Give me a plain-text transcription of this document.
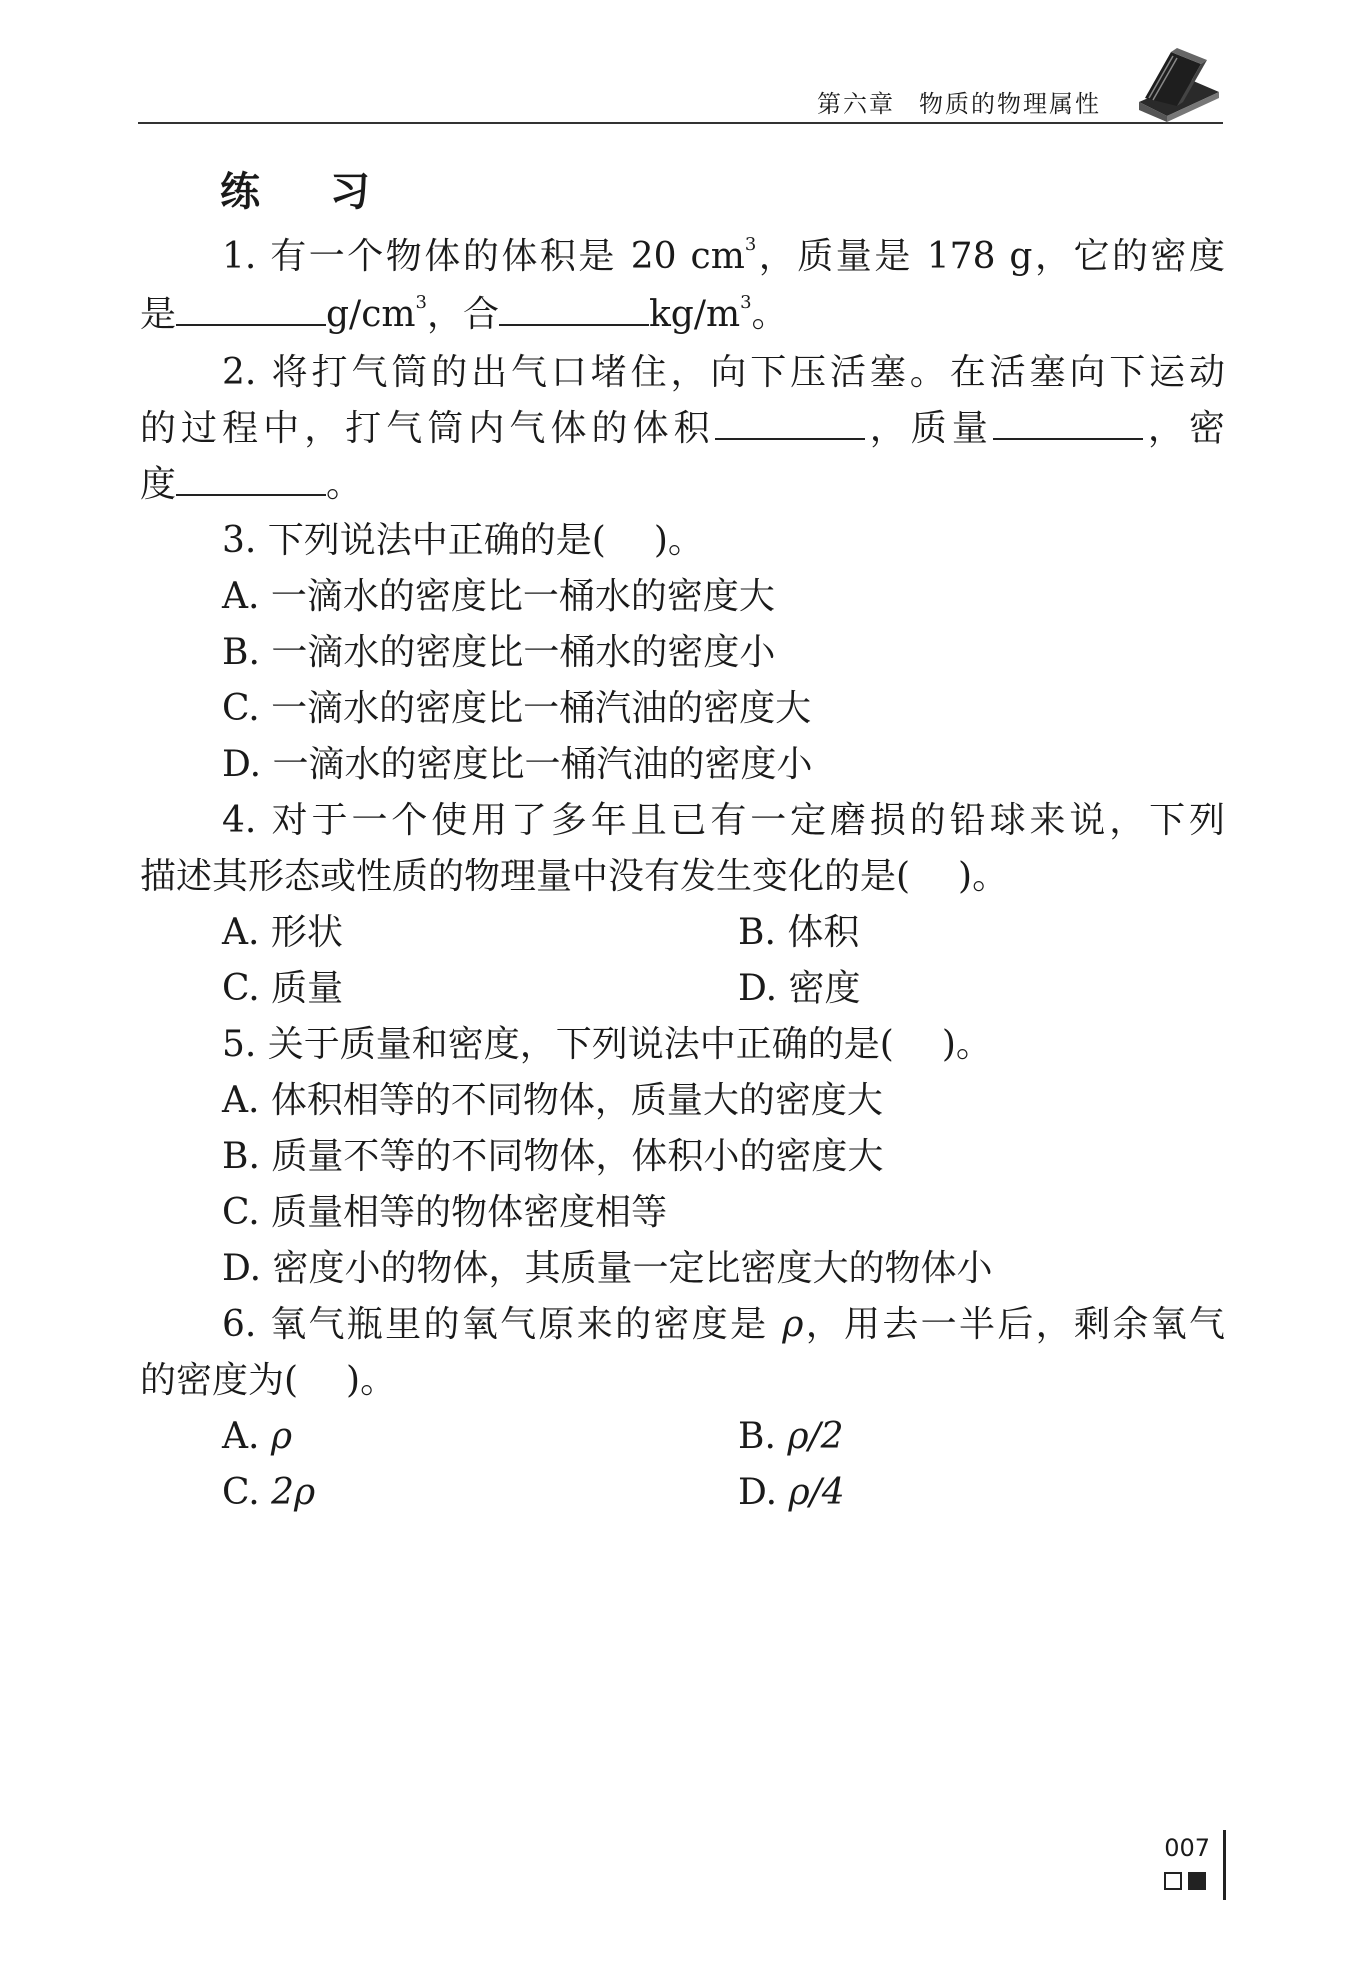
第六章 物质的物理属性
练 习
1. 有一个物体的体积是 20 $cm^3$，质量是 178 g，它的密度
是	$g/cm^3$，合	$kg/m^3$。
2. 将打气筒的出气口堵住，向下压活塞。在活塞向下运动
的过程中，打气筒内气体的体积	，质量	，密
度	。
3. 下列说法中正确的是( )。
A. 一滴水的密度比一桶水的密度大
B. 一滴水的密度比一桶水的密度小
C. 一滴水的密度比一桶汽油的密度大
D. 一滴水的密度比一桶汽油的密度小
4. 对于一个使用了多年且已有一定磨损的铅球来说，下列
描述其形态或性质的物理量中没有发生变化的是( )。
A. 形状	B. 体积
C. 质量	D. 密度
5. 关于质量和密度，下列说法中正确的是( )。
A. 体积相等的不同物体，质量大的密度大
B. 质量不等的不同物体，体积小的密度大
C. 质量相等的物体密度相等
D. 密度小的物体，其质量一定比密度大的物体小
6. 氧气瓶里的氧气原来的密度是 ρ，用去一半后，剩余氧气
的密度为( )。
A. ρ	B. ρ/2
C. 2ρ	D. ρ/4
007
